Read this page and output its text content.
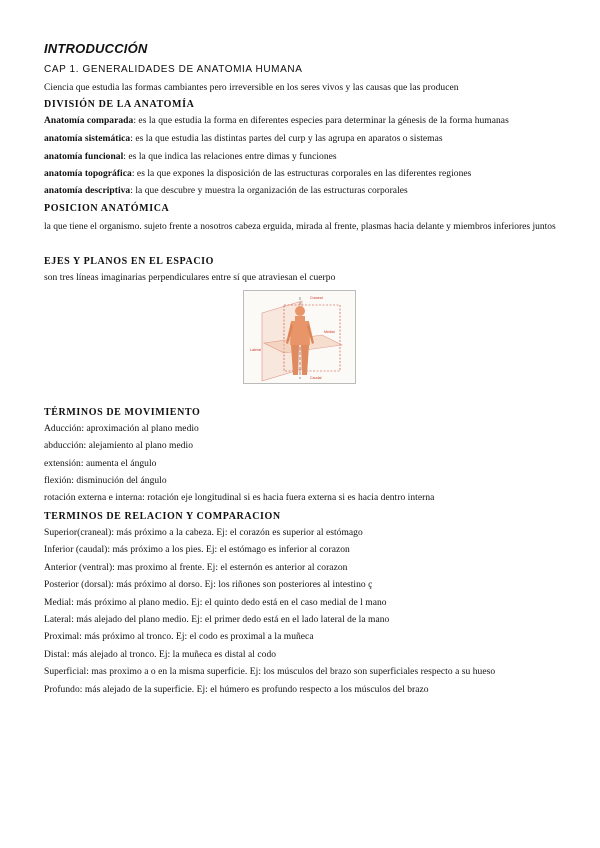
INTRODUCCIÓN
CAP 1. GENERALIDADES DE ANATOMIA HUMANA
Ciencia que estudia las formas cambiantes pero irreversible en los seres vivos y las causas que las producen
DIVISIÓN DE LA ANATOMÍA
Anatomía comparada: es la que estudia la forma en diferentes especies para determinar la génesis de la forma humanas
anatomía sistemática: es la que estudia las distintas partes del curp y las agrupa en aparatos o sistemas
anatomía funcional: es la que indica las relaciones entre dimas y funciones
anatomía topográfica: es la que expones la disposición de las estructuras corporales en las diferentes regiones
anatomía descriptiva: la que descubre y muestra la organización de las estructuras corporales
POSICION ANATÓMICA
la que tiene el organismo. sujeto frente a nosotros cabeza erguida, mirada al frente, plasmas hacia delante y miembros inferiores juntos
EJES Y PLANOS EN EL ESPACIO
son tres líneas imaginarias perpendiculares entre sí que atraviesan el cuerpo
Craneal
Medial
Lateral
Caudal
TÉRMINOS DE MOVIMIENTO
Aducción: aproximación al plano medio
abducción: alejamiento al plano medio
extensión: aumenta el ángulo
flexión: disminución del ángulo
rotación externa e interna: rotación eje longitudinal si es hacia fuera externa si es hacia dentro interna
TERMINOS DE RELACION Y COMPARACION
Superior(craneal): más próximo a la cabeza. Ej: el corazón es superior al estómago
Inferior (caudal): más próximo a los pies. Ej: el estómago es inferior al corazon
Anterior (ventral): mas proximo al frente. Ej: el esternón es anterior al corazon
Posterior (dorsal): más próximo al dorso. Ej: los riñones son posteriores al intestino ç
Medial: más próximo al plano medio. Ej: el quinto dedo está en el caso medial de l mano
Lateral: más alejado del plano medio. Ej: el primer dedo está en el lado lateral de la mano
Proximal: más próximo al tronco. Ej: el codo es proximal a la muñeca
Distal: más alejado al tronco. Ej: la muñeca es distal al codo
Superficial: mas proximo a o en la misma superficie. Ej: los músculos del brazo son superficiales respecto a su hueso
Profundo: más alejado de la superficie. Ej: el húmero es profundo respecto a los músculos del brazo
